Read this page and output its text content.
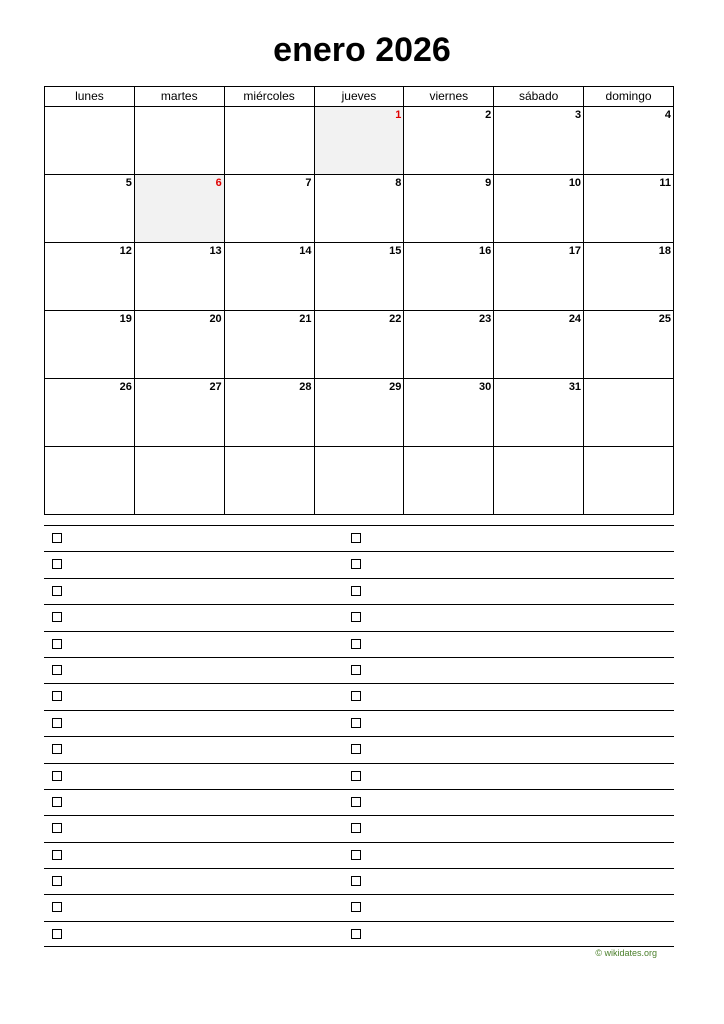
enero 2026
lunes	martes	miércoles	jueves	viernes	sábado	domingo

			1	2	3	4

5	6	7	8	9	10	11

12	13	14	15	16	17	18

19	20	21	22	23	24	25

26	27	28	29	30	31	

© wikidates.org
